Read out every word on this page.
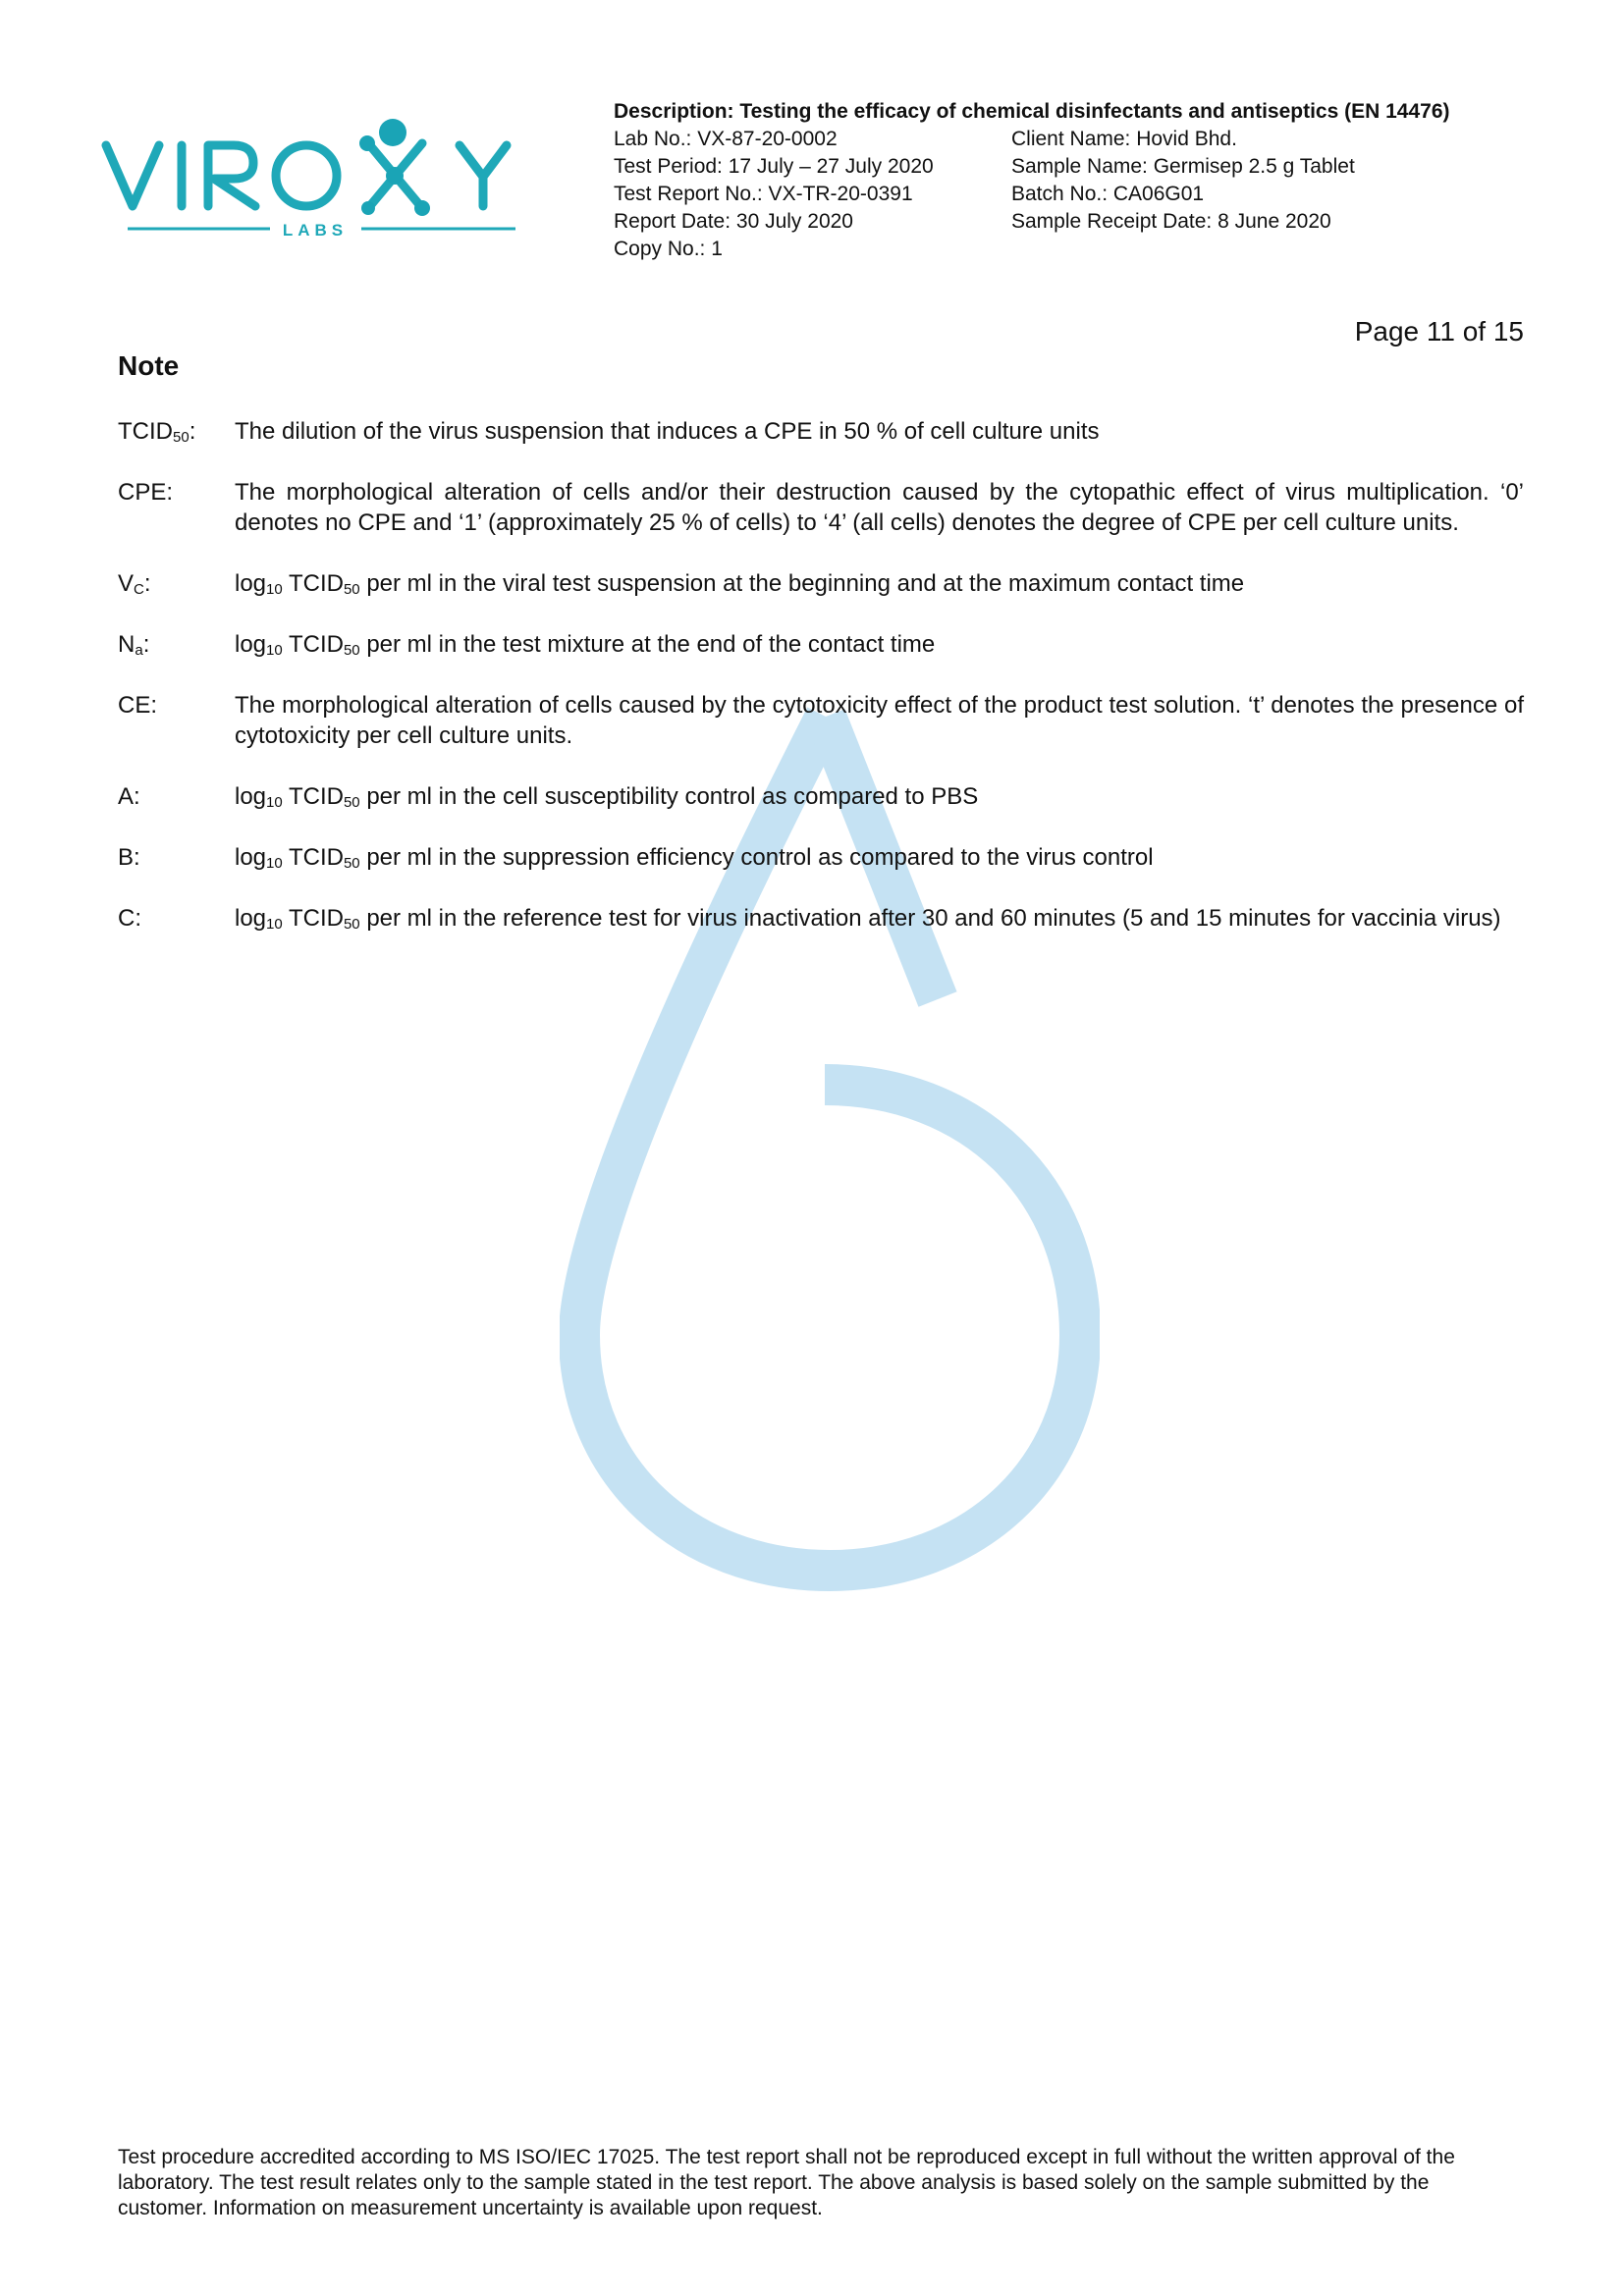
LABS
Description: Testing the efficacy of chemical disinfectants and antiseptics (EN 14476)
Lab No.: VX-87-20-0002
Test Period: 17 July – 27 July 2020
Test Report No.: VX-TR-20-0391
Report Date: 30 July 2020
Copy No.: 1
Client Name: Hovid Bhd.
Sample Name: Germisep 2.5 g Tablet
Batch No.: CA06G01
Sample Receipt Date: 8 June 2020
Page 11 of 15
Note
$TCID_{50}$:	The dilution of the virus suspension that induces a CPE in 50 % of cell culture units
CPE:	The morphological alteration of cells and/or their destruction caused by the cytopathic effect of virus multiplication. ‘0’ denotes no CPE and ‘1’ (approximately 25 % of cells) to ‘4’ (all cells) denotes the degree of CPE per cell culture units.
$V_C$:	$\log_{10}$ $TCID_{50}$ per ml in the viral test suspension at the beginning and at the maximum contact time
$N_a$:	$\log_{10}$ $TCID_{50}$ per ml in the test mixture at the end of the contact time
CE:	The morphological alteration of cells caused by the cytotoxicity effect of the product test solution. ‘t’ denotes the presence of cytotoxicity per cell culture units.
A:	$\log_{10}$ $TCID_{50}$ per ml in the cell susceptibility control as compared to PBS
B:	$\log_{10}$ $TCID_{50}$ per ml in the suppression efficiency control as compared to the virus control
C:	$\log_{10}$ $TCID_{50}$ per ml in the reference test for virus inactivation after 30 and 60 minutes (5 and 15 minutes for vaccinia virus)
Test procedure accredited according to MS ISO/IEC 17025. The test report shall not be reproduced except in full without the written approval of the laboratory. The test result relates only to the sample stated in the test report. The above analysis is based solely on the sample submitted by the customer. Information on measurement uncertainty is available upon request.
